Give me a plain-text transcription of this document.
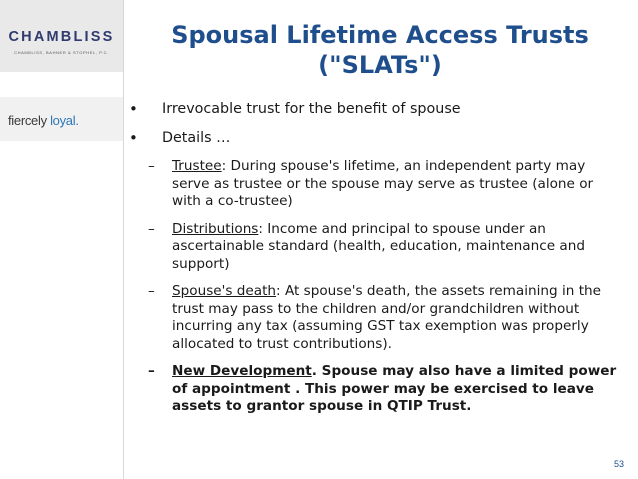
CHAMBLISS
CHAMBLISS, BAHNER & STOPHEL, P.C.
fiercely loyal.
Spousal Lifetime Access Trusts
("SLATs")
• Irrevocable trust for the benefit of spouse
• Details …
– Trustee: During spouse's lifetime, an independent party may serve as trustee or the spouse may serve as trustee (alone or with a co-trustee)
– Distributions: Income and principal to spouse under an ascertainable standard (health, education, maintenance and support)
– Spouse's death: At spouse's death, the assets remaining in the trust may pass to the children and/or grandchildren without incurring any tax (assuming GST tax exemption was properly allocated to trust contributions).
– New Development. Spouse may also have a limited power of appointment . This power may be exercised to leave assets to grantor spouse in QTIP Trust.
53
